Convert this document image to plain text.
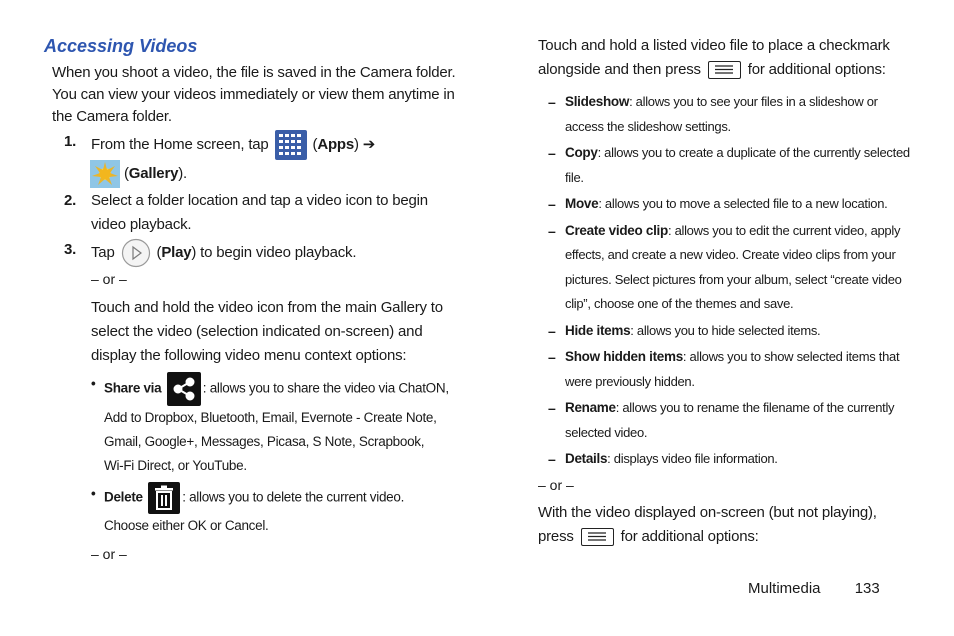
Accessing Videos
When you shoot a video, the file is saved in the Camera folder. You can view your videos immediately or view them anytime in the Camera folder.
1. From the Home screen, tap	(Apps) ➔
(Gallery).
2. Select a folder location and tap a video icon to begin video playback.
3. Tap	(Play) to begin video playback.
– or –
Touch and hold the video icon from the main Gallery to select the video (selection indicated on-screen) and display the following video menu context options:
• Share via	: allows you to share the video via ChatON,
Add to Dropbox, Bluetooth, Email, Evernote - Create Note,
Gmail, Google+, Messages, Picasa, S Note, Scrapbook,
Wi-Fi Direct, or YouTube.
• Delete	: allows you to delete the current video.
Choose either OK or Cancel.
– or –
Touch and hold a listed video file to place a checkmark
alongside and then press	for additional options:
– Slideshow: allows you to see your files in a slideshow or
access the slideshow settings.
– Copy: allows you to create a duplicate of the currently selected
file.
– Move: allows you to move a selected file to a new location.
– Create video clip: allows you to edit the current video, apply
effects, and create a new video. Create video clips from your
pictures. Select pictures from your album, select “create video
clip”, choose one of the themes and save.
– Hide items: allows you to hide selected items.
– Show hidden items: allows you to show selected items that
were previously hidden.
– Rename: allows you to rename the filename of the currently
selected video.
– Details: displays video file information.
– or –
With the video displayed on-screen (but not playing),
press	for additional options:
Multimedia 133
